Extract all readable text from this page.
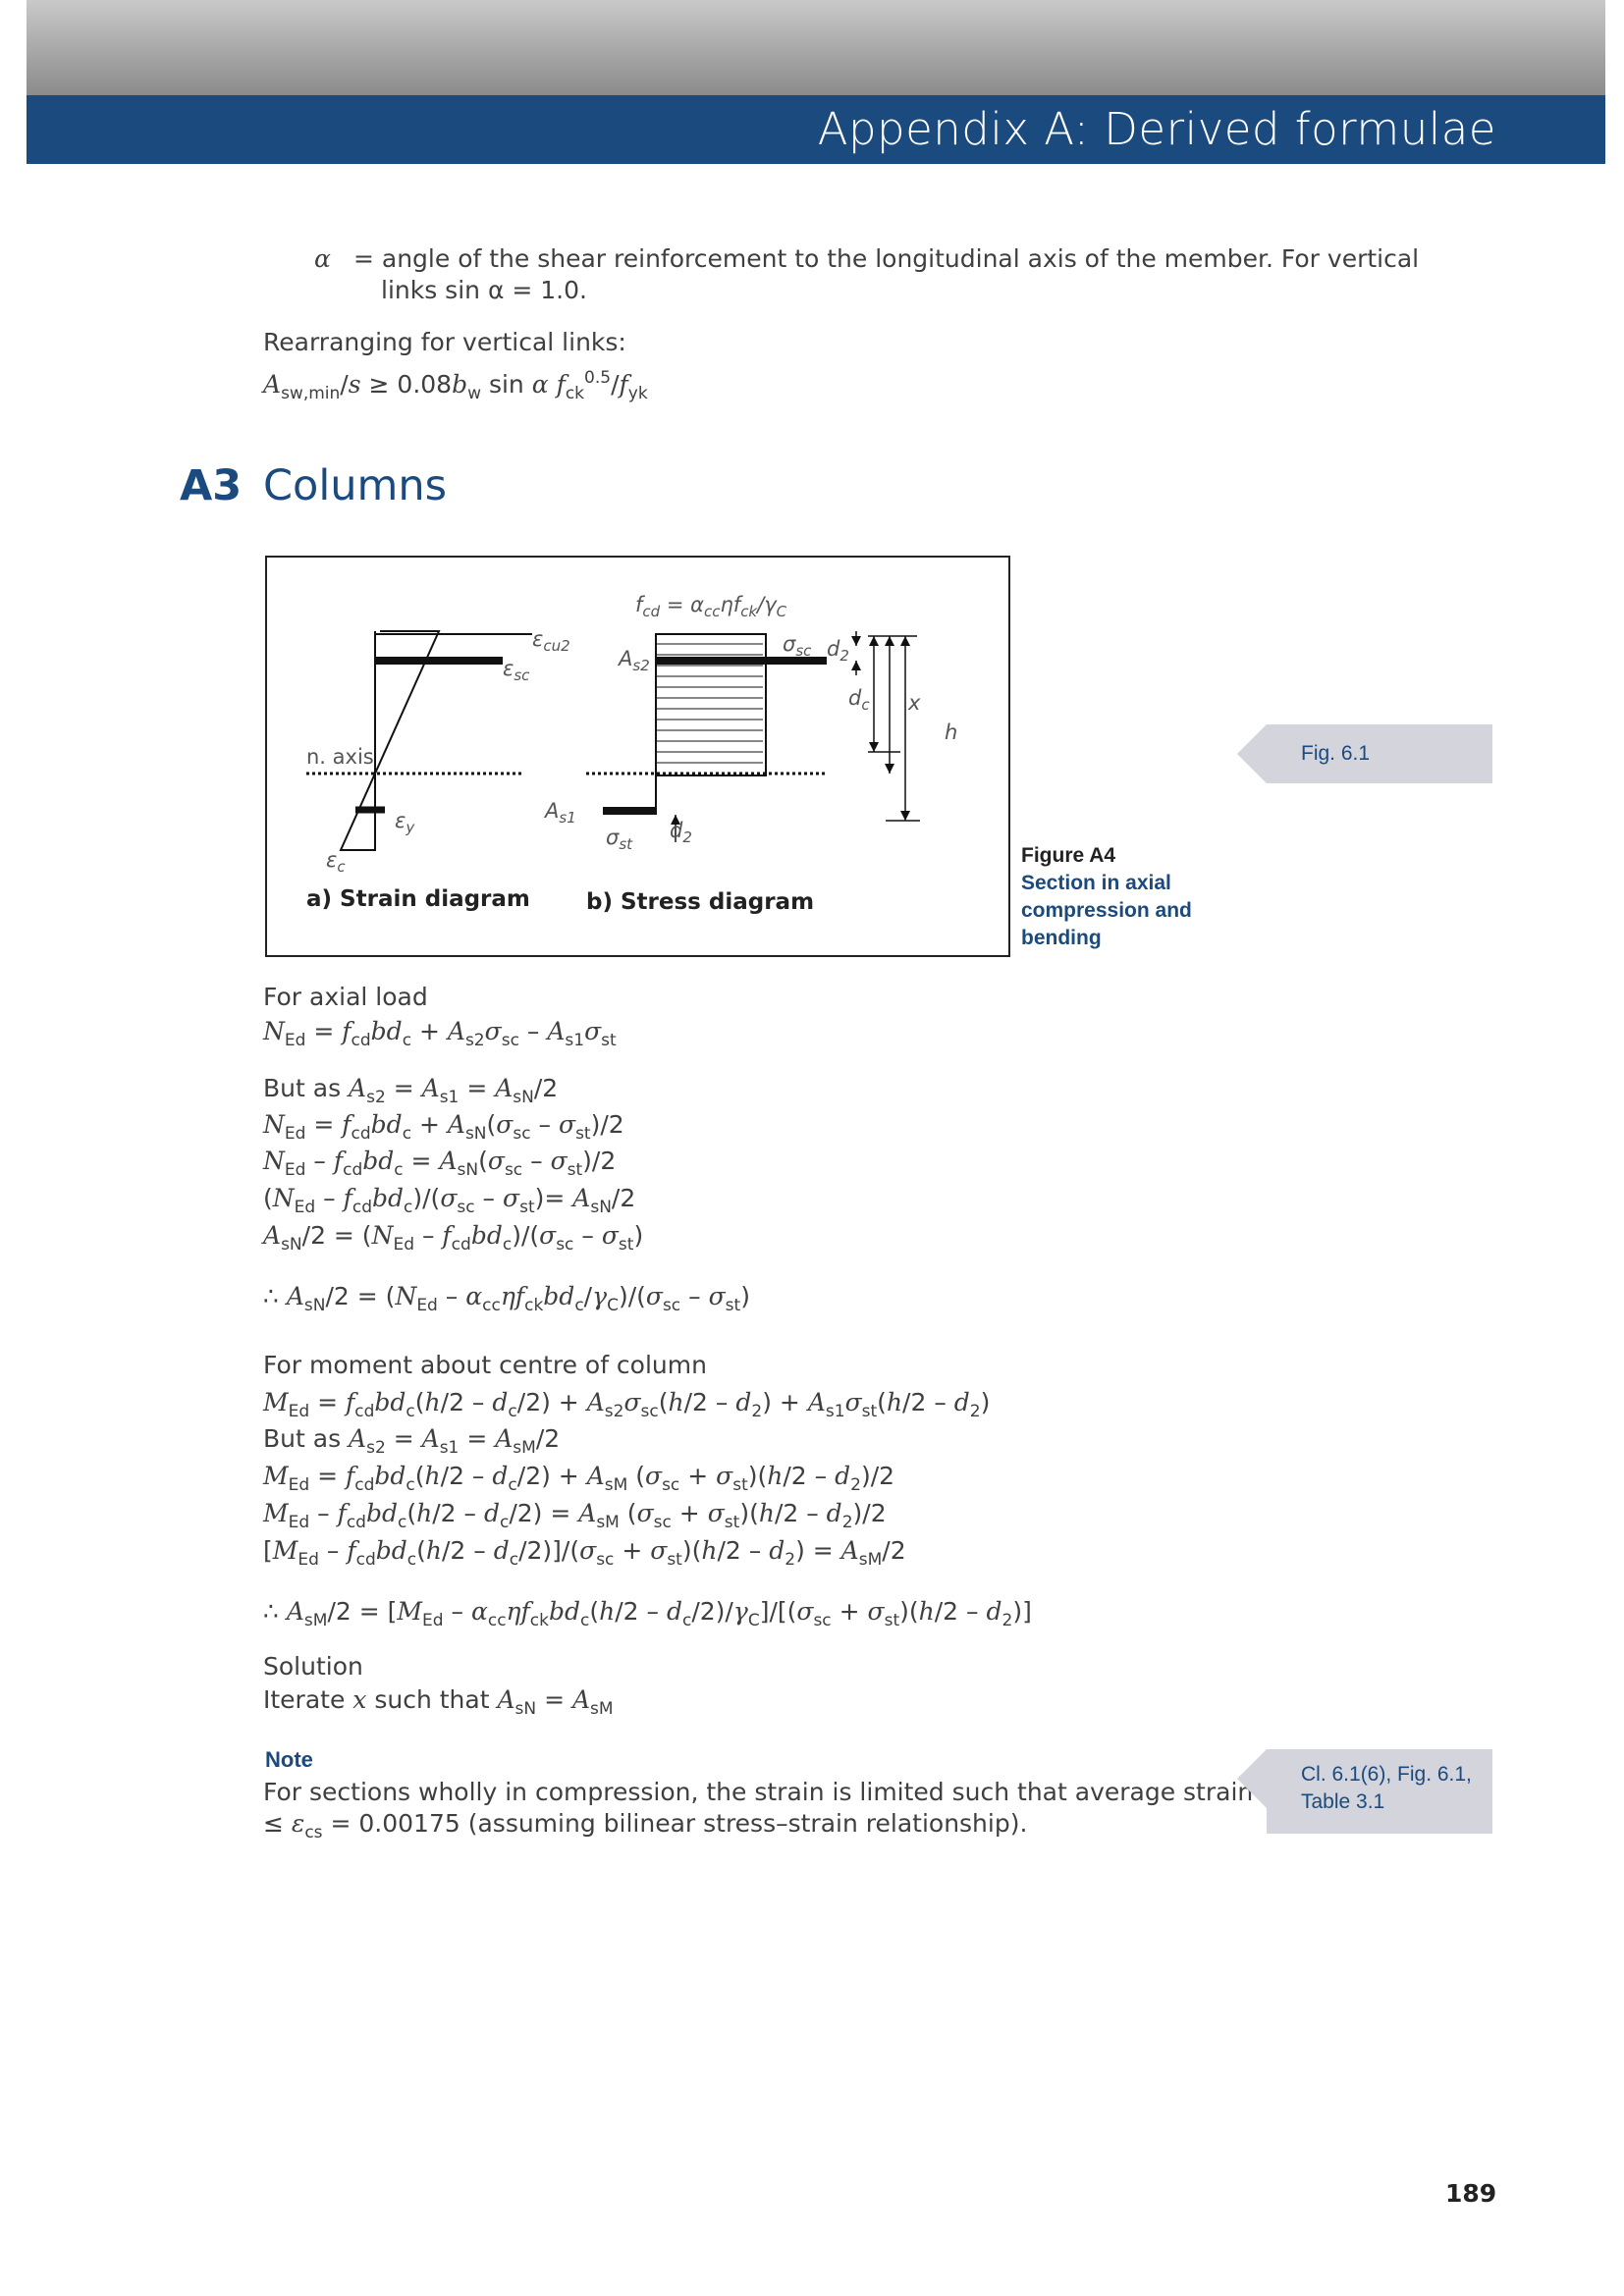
Appendix A: Derived formulae
α = angle of the shear reinforcement to the longitudinal axis of the member. For vertical
links sin α = 1.0.
Rearranging for vertical links:
$A_{sw,min}/s \ge 0.08b_w$ sin α $f_{ck}^{0.5}/f_{yk}$
A3 Columns
n. axis
$\varepsilon_{cu2}$
$\varepsilon_{sc}$
$\varepsilon_y$
$\varepsilon_c$
a) Strain diagram
$f_{cd} = \alpha_{cc}\eta f_{ck}/\gamma_C$
$A_{s2}$
$\sigma_{sc}$ $d_2$
$d_c$ x
h
$A_{s1}$
$\sigma_{st}$
$d_2$
b) Stress diagram
Figure A4
Section in axial
compression and
bending
Fig. 6.1
For axial load
$N_{Ed} = f_{cd}bd_c + A_{s2}\sigma_{sc} - A_{s1}\sigma_{st}$
But as $A_{s2} = A_{s1} = A_{sN}/2$
$N_{Ed} = f_{cd}bd_c + A_{sN}(\sigma_{sc} - \sigma_{st})/2$
$N_{Ed} - f_{cd}bd_c = A_{sN}(\sigma_{sc} - \sigma_{st})/2$
$(N_{Ed} - f_{cd}bd_c)/(\sigma_{sc} - \sigma_{st})= A_{sN}/2$
$A_{sN}/2 = (N_{Ed} - f_{cd}bd_c)/(\sigma_{sc} - \sigma_{st})$
∴ $A_{sN}/2 = (N_{Ed} - \alpha_{cc}\eta f_{ck}bd_c/\gamma_C)/(\sigma_{sc} - \sigma_{st})$
For moment about centre of column
$M_{Ed} = f_{cd}bd_c(h/2 - d_c/2) + A_{s2}\sigma_{sc}(h/2 - d_2) + A_{s1}\sigma_{st}(h/2 - d_2)$
But as $A_{s2} = A_{s1} = A_{sM}/2$
$M_{Ed} = f_{cd}bd_c(h/2 - d_c/2) + A_{sM}$ $(\sigma_{sc} + \sigma_{st})(h/2 - d_2)/2$
$M_{Ed} - f_{cd}bd_c(h/2 - d_c/2) = A_{sM}$ $(\sigma_{sc} + \sigma_{st})(h/2 - d_2)/2$
$[M_{Ed} - f_{cd}bd_c(h/2 - d_c/2)]/(\sigma_{sc} + \sigma_{st})(h/2 - d_2) = A_{sM}/2$
∴ $A_{sM}/2 = [M_{Ed} - \alpha_{cc}\eta f_{ck}bd_c(h/2 - d_c/2)/\gamma_C]/[(\sigma_{sc} + \sigma_{st})(h/2 - d_2)]$
Solution
Iterate x such that $A_{sN} = A_{sM}$
Note
For sections wholly in compression, the strain is limited such that average strain
≤ $\varepsilon_{cs} = 0.00175$ (assuming bilinear stress–strain relationship).
Cl. 6.1(6), Fig. 6.1,
Table 3.1
189
